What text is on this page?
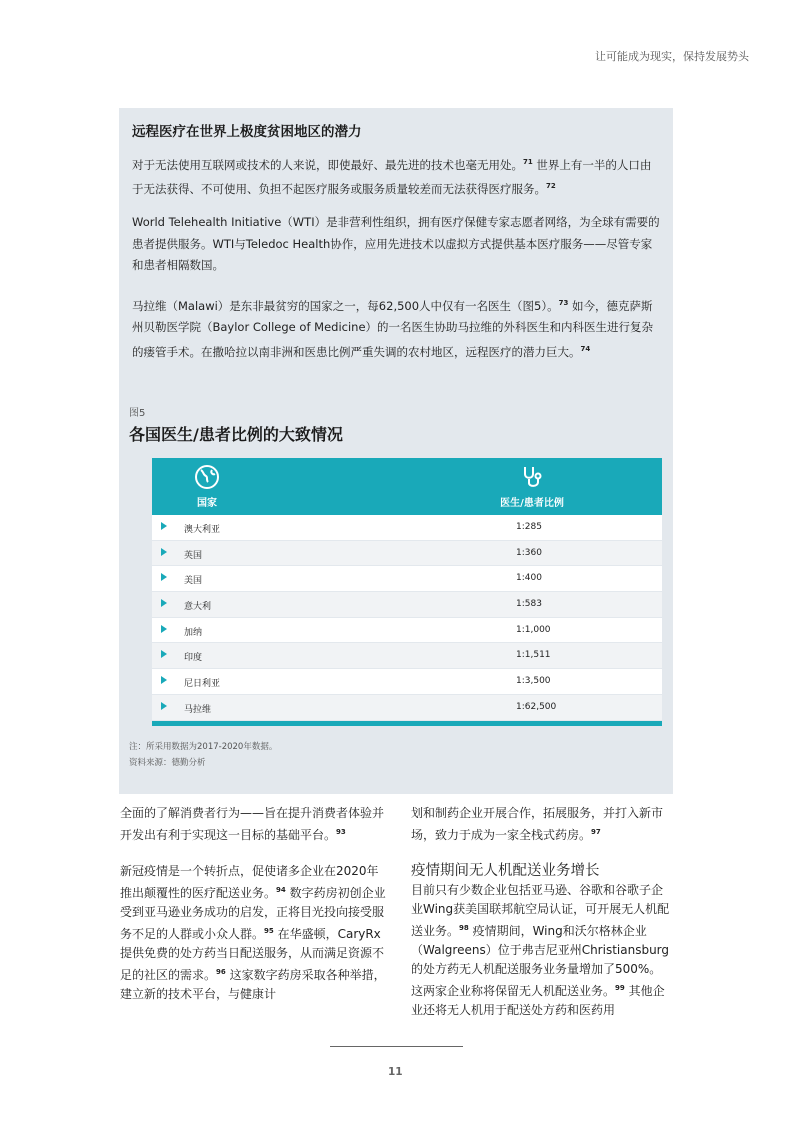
让可能成为现实，保持发展势头
远程医疗在世界上极度贫困地区的潜力

对于无法使用互联网或技术的人来说，即使最好、最先进的技术也毫无用处。$^{71}$ 世界上有一半的人口由于无法获得、不可使用、负担不起医疗服务或服务质量较差而无法获得医疗服务。$^{72}$

World Telehealth Initiative（WTI）是非营利性组织，拥有医疗保健专家志愿者网络，为全球有需要的患者提供服务。WTI与Teledoc Health协作，应用先进技术以虚拟方式提供基本医疗服务——尽管专家和患者相隔数国。

马拉维（Malawi）是东非最贫穷的国家之一，每62,500人中仅有一名医生（图5）。$^{73}$ 如今，德克萨斯州贝勒医学院（Baylor College of Medicine）的一名医生协助马拉维的外科医生和内科医生进行复杂的瘘管手术。在撒哈拉以南非洲和医患比例严重失调的农村地区，远程医疗的潜力巨大。$^{74}$

图5
各国医生/患者比例的大致情况
国家	医生/患者比例
澳大利亚	1:285
英国	1:360
美国	1:400
意大利	1:583
加纳	1:1,000
印度	1:1,511
尼日利亚	1:3,500
马拉维	1:62,500
注：所采用数据为2017-2020年数据。
资料来源：德勤分析

全面的了解消费者行为——旨在提升消费者体验并开发出有利于实现这一目标的基础平台。$^{93}$

新冠疫情是一个转折点，促使诸多企业在2020年推出颠覆性的医疗配送业务。$^{94}$ 数字药房初创企业受到亚马逊业务成功的启发，正将目光投向接受服务不足的人群或小众人群。$^{95}$ 在华盛顿，CaryRx提供免费的处方药当日配送服务，从而满足资源不足的社区的需求。$^{96}$ 这家数字药房采取各种举措，建立新的技术平台，与健康计

划和制药企业开展合作，拓展服务，并打入新市场，致力于成为一家全栈式药房。$^{97}$

疫情期间无人机配送业务增长

目前只有少数企业包括亚马逊、谷歌和谷歌子企业Wing获美国联邦航空局认证，可开展无人机配送业务。$^{98}$ 疫情期间，Wing和沃尔格林企业（Walgreens）位于弗吉尼亚州Christiansburg的处方药无人机配送服务业务量增加了500%。这两家企业称将保留无人机配送业务。$^{99}$ 其他企业还将无人机用于配送处方药和医药用

11
